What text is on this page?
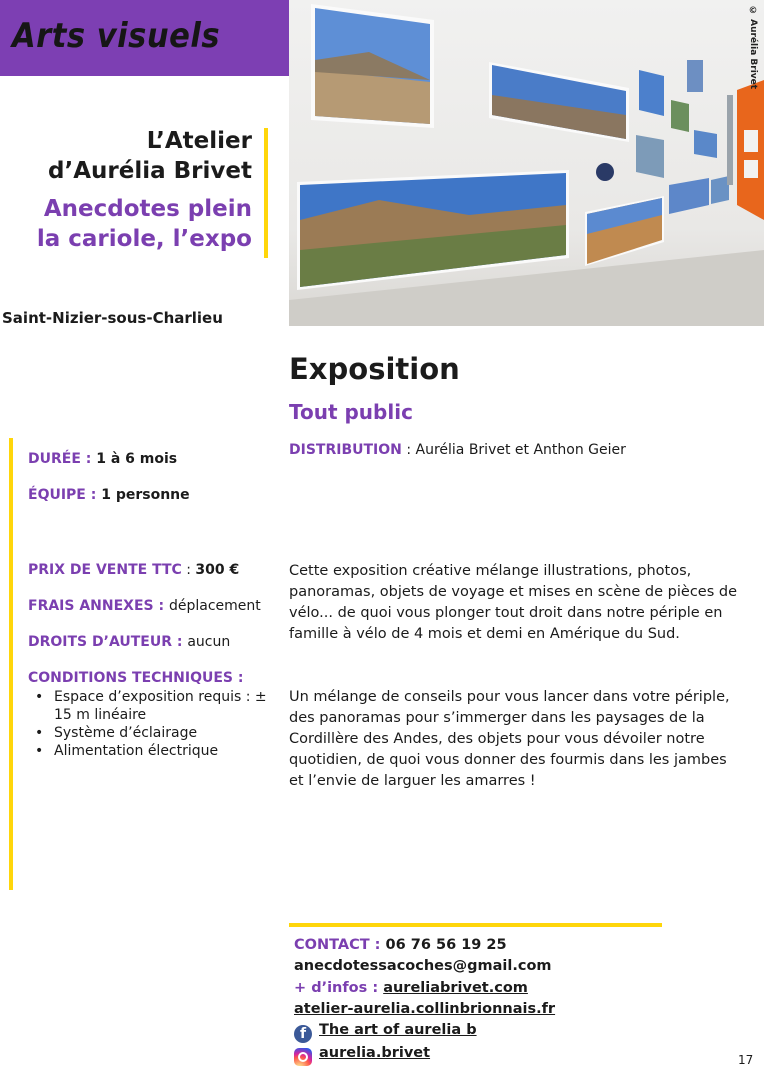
Arts visuels	© Aurélia Brivet
L’Atelier
d’Aurélia Brivet
Anecdotes plein
la cariole, l’expo
Saint-Nizier-sous-Charlieu
Exposition
Tout public
DISTRIBUTION : Aurélia Brivet et Anthon Geier
DURÉE : 1 à 6 mois
ÉQUIPE : 1 personne
PRIX DE VENTE TTC : 300 €
FRAIS ANNEXES : déplacement
DROITS D’AUTEUR : aucun
CONDITIONS TECHNIQUES :
• Espace d’exposition requis : ± 15 m linéaire
• Système d’éclairage
• Alimentation électrique
Cette exposition créative mélange illustrations, photos, panoramas, objets de voyage et mises en scène de pièces de vélo... de quoi vous plonger tout droit dans notre périple en famille à vélo de 4 mois et demi en Amérique du Sud.
Un mélange de conseils pour vous lancer dans votre périple, des panoramas pour s’immerger dans les paysages de la Cordillère des Andes, des objets pour vous dévoiler notre quotidien, de quoi vous donner des fourmis dans les jambes et l’envie de larguer les amarres !
CONTACT : 06 76 56 19 25
anecdotessacoches@gmail.com
+ d’infos : aureliabrivet.com
atelier-aurelia.collinbrionnais.fr
f The art of aurelia b
aurelia.brivet	17
